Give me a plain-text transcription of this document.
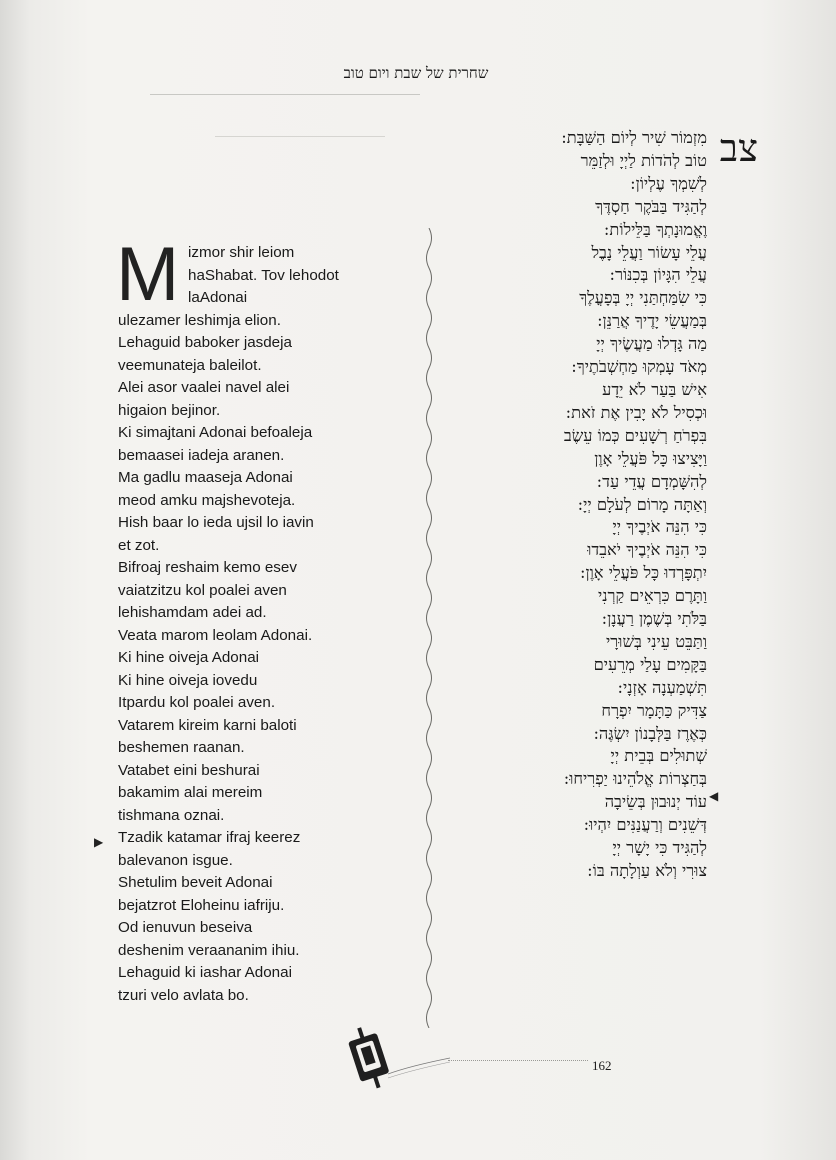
שחרית של שבת ויום טוב
צב
M izmor shir leiom
haShabat. Tov lehodot
laAdonai
ulezamer leshimja elion.
Lehaguid baboker jasdeja
veemunateja baleilot.
Alei asor vaalei navel alei
higaion bejinor.
Ki simajtani Adonai befoaleja
bemaasei iadeja aranen.
Ma gadlu maaseja Adonai
meod amku majshevoteja.
Hish baar lo ieda ujsil lo iavin
et zot.
Bifroaj reshaim kemo esev
vaiatzitzu kol poalei aven
lehishamdam adei ad.
Veata marom leolam Adonai.
Ki hine oiveja Adonai
Ki hine oiveja iovedu
Itpardu kol poalei aven.
Vatarem kireim karni baloti
beshemen raanan.
Vatabet eini beshurai
bakamim alai mereim
tishmana oznai.
Tzadik katamar ifraj keerez
balevanon isgue.
Shetulim beveit Adonai
bejatzrot Eloheinu iafriju.
Od ienuvun beseiva
deshenim veraananim ihiu.
Lehaguid ki iashar Adonai
tzuri velo avlata bo.
מִזְמוֹר שִׁיר לְיוֹם הַשַּׁבָּת:
טוֹב לְהֹדוֹת לַיְיָ וּלְזַמֵּר
לְשִׁמְךָ עֶלְיוֹן:
לְהַגִּיד בַּבֹּקֶר חַסְדֶּךָ
וֶאֱמוּנָתְךָ בַּלֵּילוֹת:
עֲלֵי עָשׂוֹר וַעֲלֵי נָבֶל
עֲלֵי הִגָּיוֹן בְּכִנּוֹר:
כִּי שִׂמַּחְתַּנִי יְיָ בְּפָעֳלֶךָ
בְּמַעֲשֵׂי יָדֶיךָ אֲרַנֵּן:
מַה גָּדְלוּ מַעֲשֶׂיךָ יְיָ
מְאֹד עָמְקוּ מַחְשְׁבֹתֶיךָ:
אִישׁ בַּעַר לֹא יֵדָע
וּכְסִיל לֹא יָבִין אֶת זֹאת:
בִּפְרֹחַ רְשָׁעִים כְּמוֹ עֵשֶׂב
וַיָּצִיצוּ כָּל פֹּעֲלֵי אָוֶן
לְהִשָּׁמְדָם עֲדֵי עַד:
וְאַתָּה מָרוֹם לְעֹלָם יְיָ:
כִּי הִנֵּה אֹיְבֶיךָ יְיָ
כִּי הִנֵּה אֹיְבֶיךָ יֹאבֵדוּ
יִתְפָּרְדוּ כָּל פֹּעֲלֵי אָוֶן:
וַתָּרֶם כִּרְאֵים קַרְנִי
בַּלֹּתִי בְּשֶׁמֶן רַעֲנָן:
וַתַּבֵּט עֵינִי בְּשׁוּרָי
בַּקָּמִים עָלַי מְרֵעִים
תִּשְׁמַעְנָה אָזְנָי:
צַדִּיק כַּתָּמָר יִפְרָח
כְּאֶרֶז בַּלְּבָנוֹן יִשְׂגֶּה:
שְׁתוּלִים בְּבֵית יְיָ
בְּחַצְרוֹת אֱלֹהֵינוּ יַפְרִיחוּ:
עוֹד יְנוּבוּן בְּשֵׂיבָה
דְּשֵׁנִים וְרַעֲנַנִּים יִהְיוּ:
לְהַגִּיד כִּי יָשָׁר יְיָ
צוּרִי וְלֹא עַוְלָתָה בּוֹ:
▶
◀
162
